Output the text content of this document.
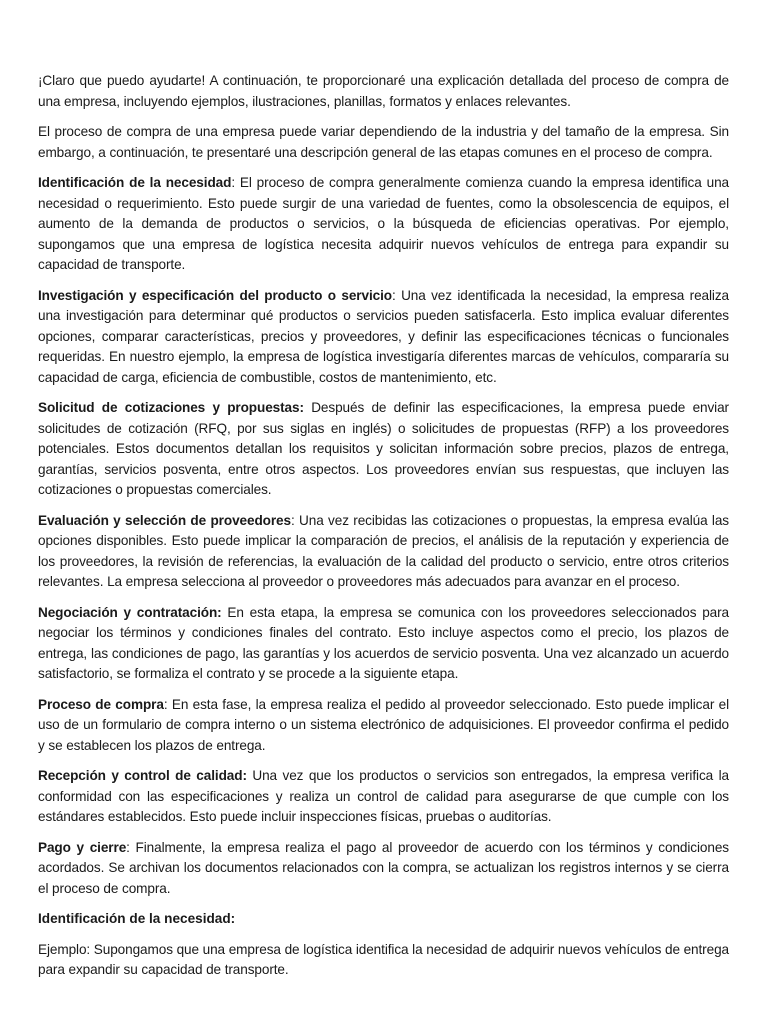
¡Claro que puedo ayudarte! A continuación, te proporcionaré una explicación detallada del proceso de compra de una empresa, incluyendo ejemplos, ilustraciones, planillas, formatos y enlaces relevantes.

El proceso de compra de una empresa puede variar dependiendo de la industria y del tamaño de la empresa. Sin embargo, a continuación, te presentaré una descripción general de las etapas comunes en el proceso de compra.

Identificación de la necesidad: El proceso de compra generalmente comienza cuando la empresa identifica una necesidad o requerimiento. Esto puede surgir de una variedad de fuentes, como la obsolescencia de equipos, el aumento de la demanda de productos o servicios, o la búsqueda de eficiencias operativas. Por ejemplo, supongamos que una empresa de logística necesita adquirir nuevos vehículos de entrega para expandir su capacidad de transporte.

Investigación y especificación del producto o servicio: Una vez identificada la necesidad, la empresa realiza una investigación para determinar qué productos o servicios pueden satisfacerla. Esto implica evaluar diferentes opciones, comparar características, precios y proveedores, y definir las especificaciones técnicas o funcionales requeridas. En nuestro ejemplo, la empresa de logística investigaría diferentes marcas de vehículos, compararía su capacidad de carga, eficiencia de combustible, costos de mantenimiento, etc.

Solicitud de cotizaciones y propuestas: Después de definir las especificaciones, la empresa puede enviar solicitudes de cotización (RFQ, por sus siglas en inglés) o solicitudes de propuestas (RFP) a los proveedores potenciales. Estos documentos detallan los requisitos y solicitan información sobre precios, plazos de entrega, garantías, servicios posventa, entre otros aspectos. Los proveedores envían sus respuestas, que incluyen las cotizaciones o propuestas comerciales.

Evaluación y selección de proveedores: Una vez recibidas las cotizaciones o propuestas, la empresa evalúa las opciones disponibles. Esto puede implicar la comparación de precios, el análisis de la reputación y experiencia de los proveedores, la revisión de referencias, la evaluación de la calidad del producto o servicio, entre otros criterios relevantes. La empresa selecciona al proveedor o proveedores más adecuados para avanzar en el proceso.

Negociación y contratación: En esta etapa, la empresa se comunica con los proveedores seleccionados para negociar los términos y condiciones finales del contrato. Esto incluye aspectos como el precio, los plazos de entrega, las condiciones de pago, las garantías y los acuerdos de servicio posventa. Una vez alcanzado un acuerdo satisfactorio, se formaliza el contrato y se procede a la siguiente etapa.

Proceso de compra: En esta fase, la empresa realiza el pedido al proveedor seleccionado. Esto puede implicar el uso de un formulario de compra interno o un sistema electrónico de adquisiciones. El proveedor confirma el pedido y se establecen los plazos de entrega.

Recepción y control de calidad: Una vez que los productos o servicios son entregados, la empresa verifica la conformidad con las especificaciones y realiza un control de calidad para asegurarse de que cumple con los estándares establecidos. Esto puede incluir inspecciones físicas, pruebas o auditorías.

Pago y cierre: Finalmente, la empresa realiza el pago al proveedor de acuerdo con los términos y condiciones acordados. Se archivan los documentos relacionados con la compra, se actualizan los registros internos y se cierra el proceso de compra.

Identificación de la necesidad:

Ejemplo: Supongamos que una empresa de logística identifica la necesidad de adquirir nuevos vehículos de entrega para expandir su capacidad de transporte.
